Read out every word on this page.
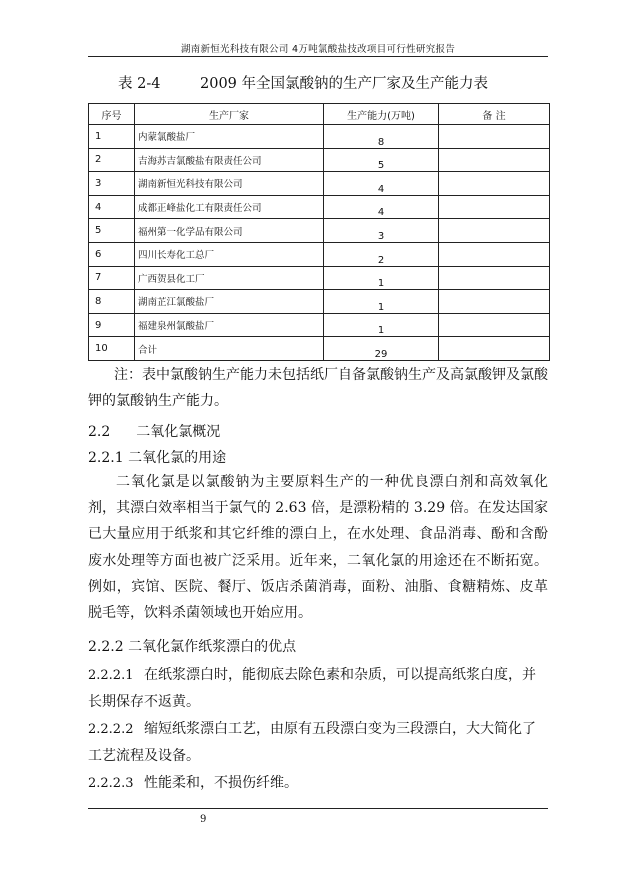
湖南新恒光科技有限公司 4万吨氯酸盐技改项目可行性研究报告
表 2-4	2009 年全国氯酸钠的生产厂家及生产能力表
序号	生产厂家	生产能力(万吨)	备 注
1	内蒙氯酸盐厂	8	
2	吉海苏吉氯酸盐有限责任公司	5	
3	湖南新恒光科技有限公司	4	
4	成都正峰盐化工有限责任公司	4	
5	福州第一化学品有限公司	3	
6	四川长寿化工总厂	2	
7	广西贺县化工厂	1	
8	湖南芷江氯酸盐厂	1	
9	福建泉州氯酸盐厂	1	
10	合计	29	
注：表中氯酸钠生产能力未包括纸厂自备氯酸钠生产及高氯酸钾及氯酸钾的氯酸钠生产能力。
2.2 二氧化氯概况
2.2.1 二氧化氯的用途
二氧化氯是以氯酸钠为主要原料生产的一种优良漂白剂和高效氧化剂，其漂白效率相当于氯气的 2.63 倍，是漂粉精的 3.29 倍。在发达国家已大量应用于纸浆和其它纤维的漂白上，在水处理、食品消毒、酚和含酚废水处理等方面也被广泛采用。近年来，二氧化氯的用途还在不断拓宽。例如，宾馆、医院、餐厅、饭店杀菌消毒，面粉、油脂、食糖精炼、皮革脱毛等，饮料杀菌领域也开始应用。
2.2.2 二氧化氯作纸浆漂白的优点
2.2.2.1 在纸浆漂白时，能彻底去除色素和杂质，可以提高纸浆白度，并长期保存不返黄。
2.2.2.2 缩短纸浆漂白工艺，由原有五段漂白变为三段漂白，大大简化了工艺流程及设备。
2.2.2.3 性能柔和，不损伤纤维。
9
